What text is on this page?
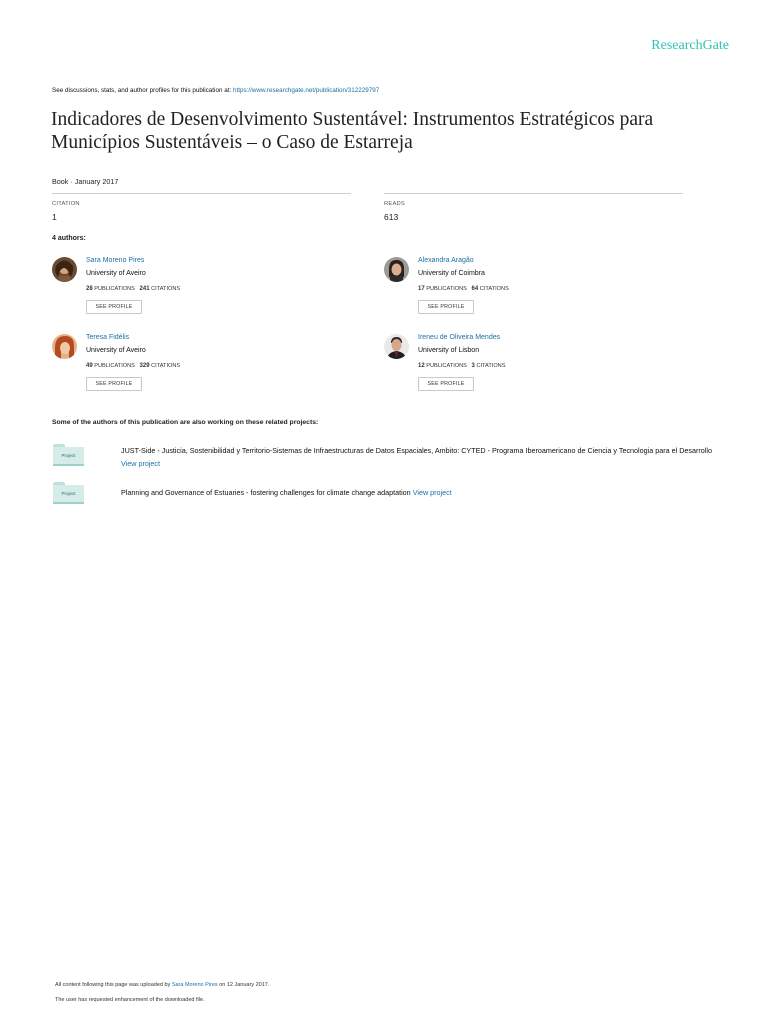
ResearchGate
See discussions, stats, and author profiles for this publication at: https://www.researchgate.net/publication/312229797
Indicadores de Desenvolvimento Sustentável: Instrumentos Estratégicos para Municípios Sustentáveis – o Caso de Estarreja
Book · January 2017
CITATION
1
READS
613
4 authors:
Sara Moreno Pires
University of Aveiro
28 PUBLICATIONS 241 CITATIONS
SEE PROFILE
Alexandra Aragão
University of Coimbra
17 PUBLICATIONS 64 CITATIONS
SEE PROFILE
Teresa Fidélis
University of Aveiro
49 PUBLICATIONS 329 CITATIONS
SEE PROFILE
Ireneu de Oliveira Mendes
University of Lisbon
12 PUBLICATIONS 3 CITATIONS
SEE PROFILE
Some of the authors of this publication are also working on these related projects:
Project
JUST-Side - Justicia, Sostenibilidad y Territorio-Sistemas de Infraestructuras de Datos Espaciales, Ambito: CYTED - Programa Iberoamericano de Ciencia y Tecnologia para el Desarrollo View project
Project	Planning and Governance of Estuaries - fostering challenges for climate change adaptation View project
All content following this page was uploaded by Sara Moreno Pires on 12 January 2017.
The user has requested enhancement of the downloaded file.
